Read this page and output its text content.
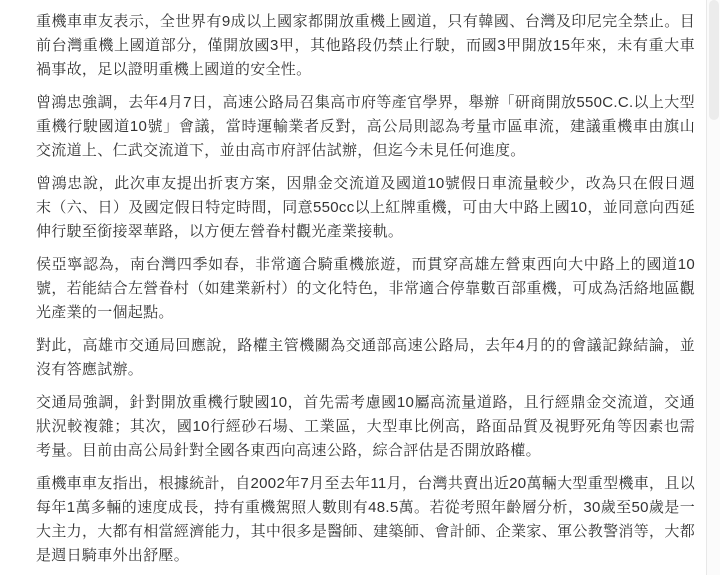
重機車車友表示，全世界有9成以上國家都開放重機上國道，只有韓國、台灣及印尼完全禁止。目前台灣重機上國道部分，僅開放國3甲，其他路段仍禁止行駛，而國3甲開放15年來，未有重大車禍事故，足以證明重機上國道的安全性。

曾鴻忠強調，去年4月7日，高速公路局召集高市府等產官學界，舉辦「研商開放550C.C.以上大型重機行駛國道10號」會議，當時運輸業者反對，高公局則認為考量市區車流，建議重機車由旗山交流道上、仁武交流道下，並由高市府評估試辦，但迄今未見任何進度。

曾鴻忠說，此次車友提出折衷方案，因鼎金交流道及國道10號假日車流量較少，改為只在假日週末（六、日）及國定假日特定時間，同意550cc以上紅牌重機，可由大中路上國10，並同意向西延伸行駛至銜接翠華路，以方便左營眷村觀光產業接軌。

侯亞寧認為，南台灣四季如春，非常適合騎重機旅遊，而貫穿高雄左營東西向大中路上的國道10號，若能結合左營眷村（如建業新村）的文化特色，非常適合停靠數百部重機，可成為活絡地區觀光產業的一個起點。

對此，高雄市交通局回應說，路權主管機關為交通部高速公路局，去年4月的的會議記錄結論，並沒有答應試辦。

交通局強調，針對開放重機行駛國10，首先需考慮國10屬高流量道路，且行經鼎金交流道，交通狀況較複雜；其次，國10行經砂石場、工業區，大型車比例高，路面品質及視野死角等因素也需考量。目前由高公局針對全國各東西向高速公路，綜合評估是否開放路權。

重機車車友指出，根據統計，自2002年7月至去年11月，台灣共賣出近20萬輛大型重型機車，且以每年1萬多輛的速度成長，持有重機駕照人數則有48.5萬。若從考照年齡層分析，30歲至50歲是一大主力，大都有相當經濟能力，其中很多是醫師、建築師、會計師、企業家、軍公教警消等，大都是週日騎車外出舒壓。
